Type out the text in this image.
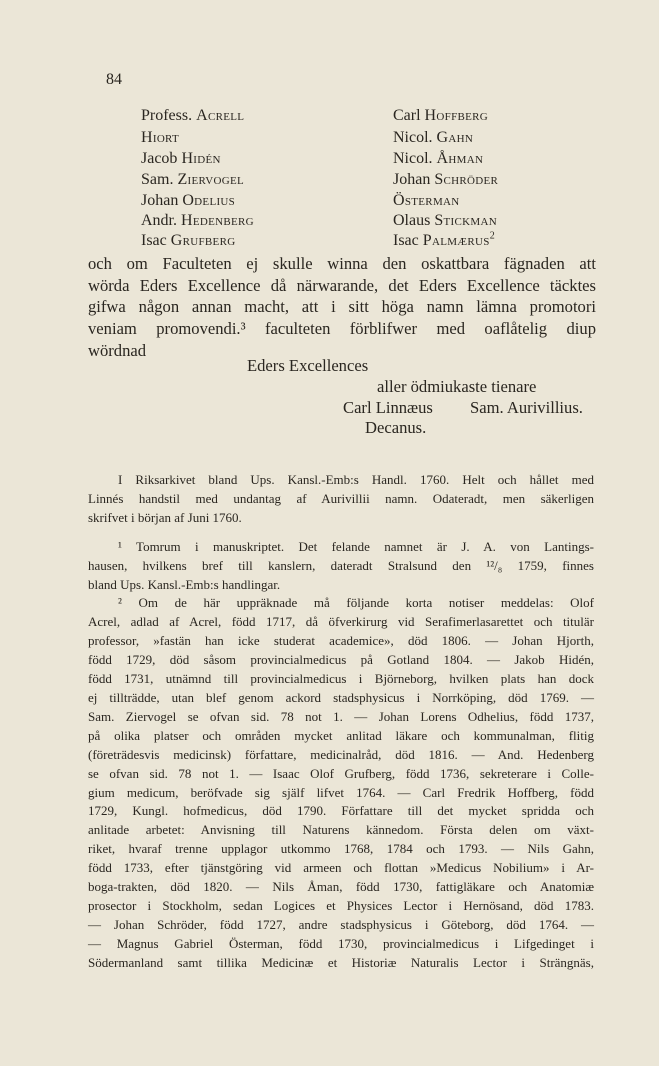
84
Profess. Acrell
Hiort
Jacob Hidén
Sam. Ziervogel
Johan Odelius
Andr. Hedenberg
Isac Grufberg
Carl Hoffberg
Nicol. Gahn
Nicol. Åhman
Johan Schröder
Österman
Olaus Stickman
Isac Palmærus$^2$
och om Faculteten ej skulle winna den oskattbara fägnaden att
wörda Eders Excellence då närwarande, det Eders Excellence täcktes
gifwa någon annan macht, att i sitt höga namn lämna promotori
veniam promovendi.³ faculteten förblifwer med oaflåtelig diup
wördnad
Eders Excellences
aller ödmiukaste tienare
Carl Linnæus Sam. Aurivillius.
Decanus.
I Riksarkivet bland Ups. Kansl.-Emb:s Handl. 1760. Helt och hållet med
Linnés handstil med undantag af Aurivillii namn. Odateradt, men säkerligen
skrifvet i början af Juni 1760.
¹ Tomrum i manuskriptet. Det felande namnet är J. A. von Lantings-
hausen, hvilkens bref till kanslern, dateradt Stralsund den ¹²/₈ 1759, finnes
bland Ups. Kansl.-Emb:s handlingar.
² Om de här uppräknade må följande korta notiser meddelas: Olof
Acrel, adlad af Acrel, född 1717, då öfverkirurg vid Serafimerlasarettet och titulär
professor, »fastän han icke studerat academice», död 1806. — Johan Hjorth,
född 1729, död såsom provincialmedicus på Gotland 1804. — Jakob Hidén,
född 1731, utnämnd till provincialmedicus i Björneborg, hvilken plats han dock
ej tillträdde, utan blef genom ackord stadsphysicus i Norrköping, död 1769. —
Sam. Ziervogel se ofvan sid. 78 not 1. — Johan Lorens Odhelius, född 1737,
på olika platser och områden mycket anlitad läkare och kommunalman, flitig
(företrädesvis medicinsk) författare, medicinalråd, död 1816. — And. Hedenberg
se ofvan sid. 78 not 1. — Isaac Olof Grufberg, född 1736, sekreterare i Colle-
gium medicum, beröfvade sig själf lifvet 1764. — Carl Fredrik Hoffberg, född
1729, Kungl. hofmedicus, död 1790. Författare till det mycket spridda och
anlitade arbetet: Anvisning till Naturens kännedom. Första delen om växt-
riket, hvaraf trenne upplagor utkommo 1768, 1784 och 1793. — Nils Gahn,
född 1733, efter tjänstgöring vid armeen och flottan »Medicus Nobilium» i Ar-
boga-trakten, död 1820. — Nils Åman, född 1730, fattigläkare och Anatomiæ
prosector i Stockholm, sedan Logices et Physices Lector i Hernösand, död 1783.
— Johan Schröder, född 1727, andre stadsphysicus i Göteborg, död 1764. —
— Magnus Gabriel Österman, född 1730, provincialmedicus i Lifgedinget i
Södermanland samt tillika Medicinæ et Historiæ Naturalis Lector i Strängnäs,
